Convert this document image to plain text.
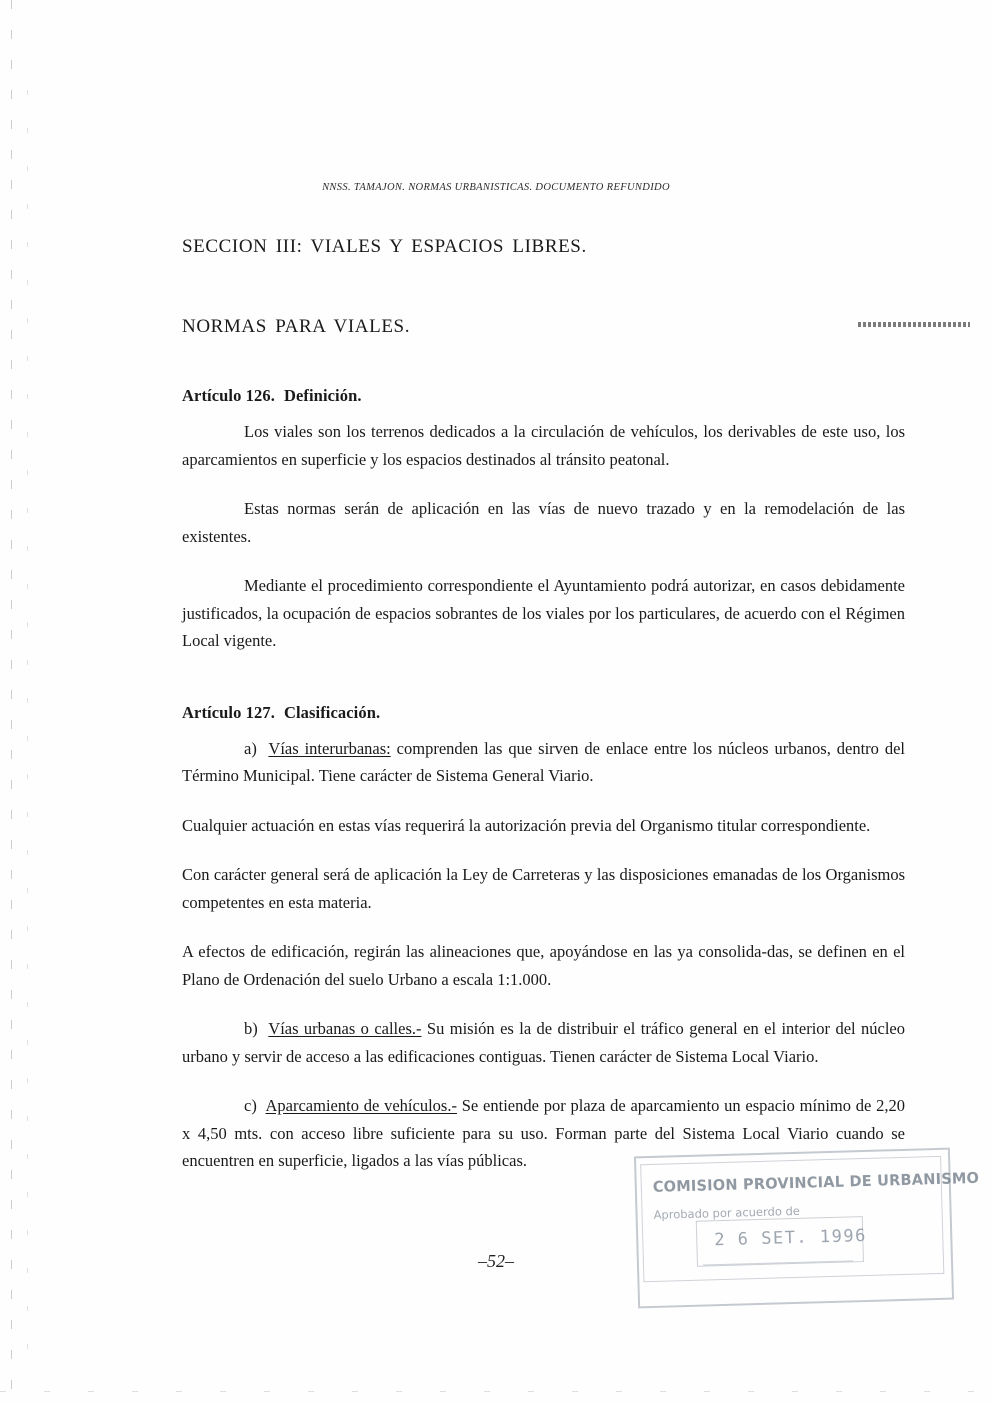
NNSS. TAMAJON. NORMAS URBANISTICAS. DOCUMENTO REFUNDIDO
SECCION III: VIALES Y ESPACIOS LIBRES.
NORMAS PARA VIALES.
Artículo 126. Definición.

Los viales son los terrenos dedicados a la circulación de vehículos, los derivables de este uso, los aparcamientos en superficie y los espacios destinados al tránsito peatonal.

Estas normas serán de aplicación en las vías de nuevo trazado y en la remodelación de las existentes.

Mediante el procedimiento correspondiente el Ayuntamiento podrá autorizar, en casos debidamente justificados, la ocupación de espacios sobrantes de los viales por los particulares, de acuerdo con el Régimen Local vigente.

Artículo 127. Clasificación.

a) Vías interurbanas: comprenden las que sirven de enlace entre los núcleos urbanos, dentro del Término Municipal. Tiene carácter de Sistema General Viario.

Cualquier actuación en estas vías requerirá la autorización previa del Organismo titular correspondiente.

Con carácter general será de aplicación la Ley de Carreteras y las disposiciones emanadas de los Organismos competentes en esta materia.

A efectos de edificación, regirán las alineaciones que, apoyándose en las ya consolida-das, se definen en el Plano de Ordenación del suelo Urbano a escala 1:1.000.

b) Vías urbanas o calles.- Su misión es la de distribuir el tráfico general en el interior del núcleo urbano y servir de acceso a las edificaciones contiguas. Tienen carácter de Sistema Local Viario.

c) Aparcamiento de vehículos.- Se entiende por plaza de aparcamiento un espacio mínimo de 2,20 x 4,50 mts. con acceso libre suficiente para su uso. Forman parte del Sistema Local Viario cuando se encuentren en superficie, ligados a las vías públicas.

–52–
COMISION PROVINCIAL DE URBANISMO
Aprobado por acuerdo de
2 6 SET. 1996
